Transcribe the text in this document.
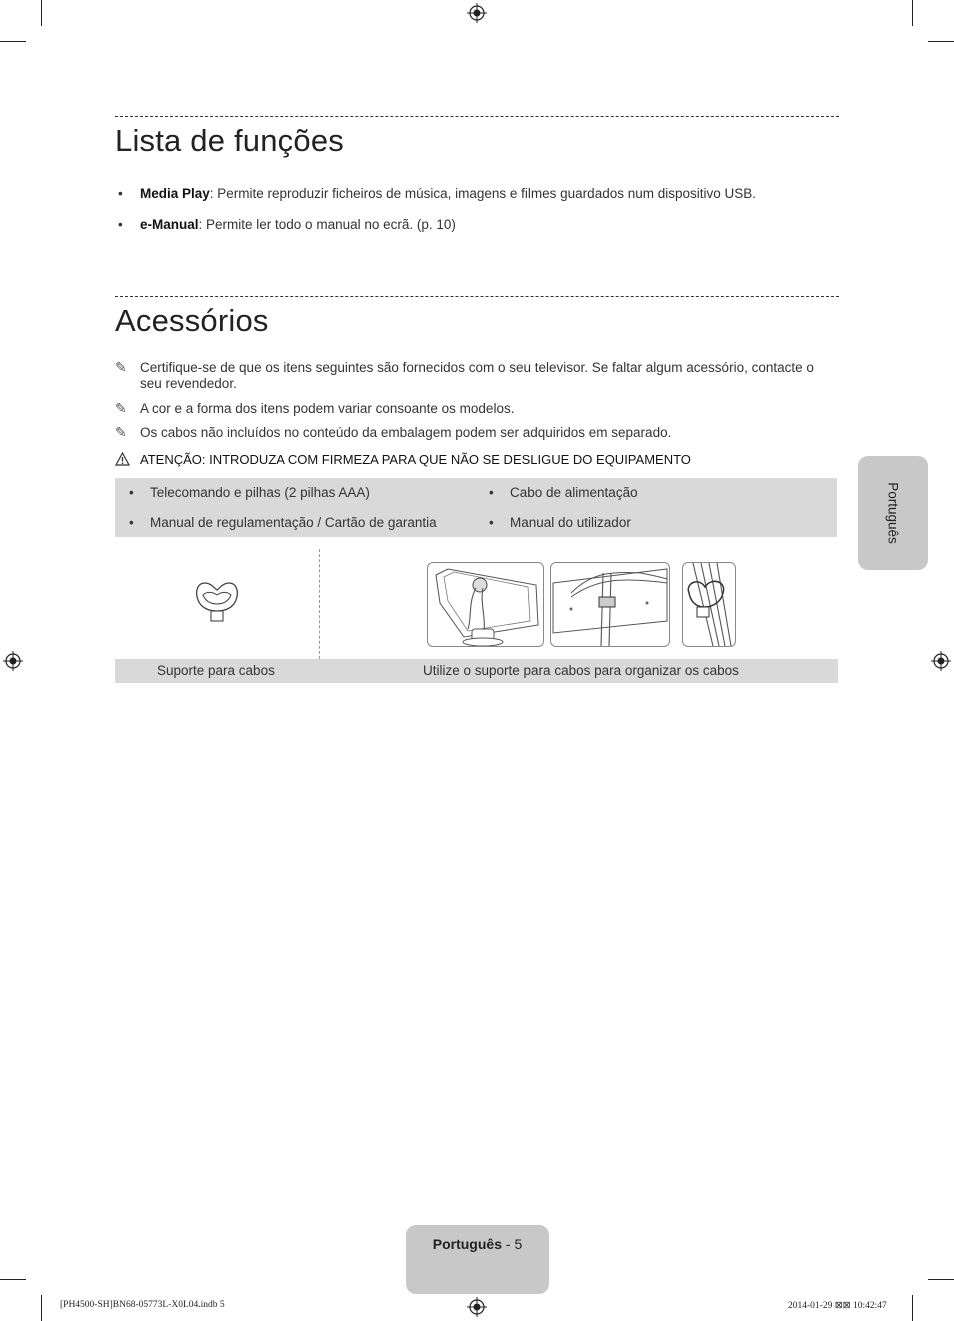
Lista de funções
• Media Play: Permite reproduzir ficheiros de música, imagens e filmes guardados num dispositivo USB.
• e-Manual: Permite ler todo o manual no ecrã. (p. 10)
Acessórios
✎ Certifique-se de que os itens seguintes são fornecidos com o seu televisor. Se faltar algum acessório, contacte o seu revendedor.
✎ A cor e a forma dos itens podem variar consoante os modelos.
✎ Os cabos não incluídos no conteúdo da embalagem podem ser adquiridos em separado.
ATENÇÃO: INTRODUZA COM FIRMEZA PARA QUE NÃO SE DESLIGUE DO EQUIPAMENTO
• Telecomando e pilhas (2 pilhas AAA)	• Cabo de alimentação
• Manual de regulamentação / Cartão de garantia	• Manual do utilizador
Suporte para cabos	Utilize o suporte para cabos para organizar os cabos
Português
Português - 5
[PH4500-SH]BN68-05773L-X0L04.indb 5	2014-01-29 ⊠⊠ 10:42:47
